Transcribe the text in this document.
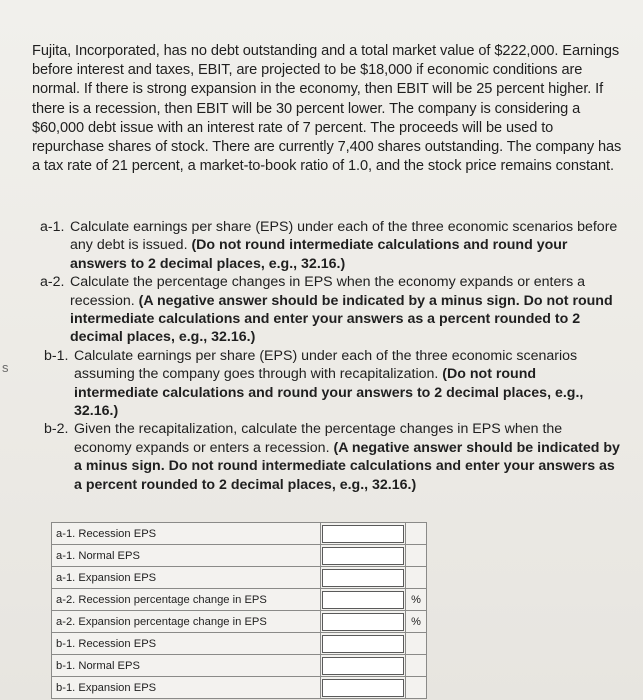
s
Fujita, Incorporated, has no debt outstanding and a total market value of $222,000. Earnings before interest and taxes, EBIT, are projected to be $18,000 if economic conditions are normal. If there is strong expansion in the economy, then EBIT will be 25 percent higher. If there is a recession, then EBIT will be 30 percent lower. The company is considering a $60,000 debt issue with an interest rate of 7 percent. The proceeds will be used to repurchase shares of stock. There are currently 7,400 shares outstanding. The company has a tax rate of 21 percent, a market-to-book ratio of 1.0, and the stock price remains constant.
a-1. Calculate earnings per share (EPS) under each of the three economic scenarios before any debt is issued. (Do not round intermediate calculations and round your answers to 2 decimal places, e.g., 32.16.)
a-2. Calculate the percentage changes in EPS when the economy expands or enters a recession. (A negative answer should be indicated by a minus sign. Do not round intermediate calculations and enter your answers as a percent rounded to 2 decimal places, e.g., 32.16.)
b-1. Calculate earnings per share (EPS) under each of the three economic scenarios assuming the company goes through with recapitalization. (Do not round intermediate calculations and round your answers to 2 decimal places, e.g., 32.16.)
b-2. Given the recapitalization, calculate the percentage changes in EPS when the economy expands or enters a recession. (A negative answer should be indicated by a minus sign. Do not round intermediate calculations and enter your answers as a percent rounded to 2 decimal places, e.g., 32.16.)
a-1. Recession EPS		

a-1. Normal EPS		

a-1. Expansion EPS		

a-2. Recession percentage change in EPS			%
a-2. Expansion percentage change in EPS			%
b-1. Recession EPS		

b-1. Normal EPS		

b-1. Expansion EPS		
